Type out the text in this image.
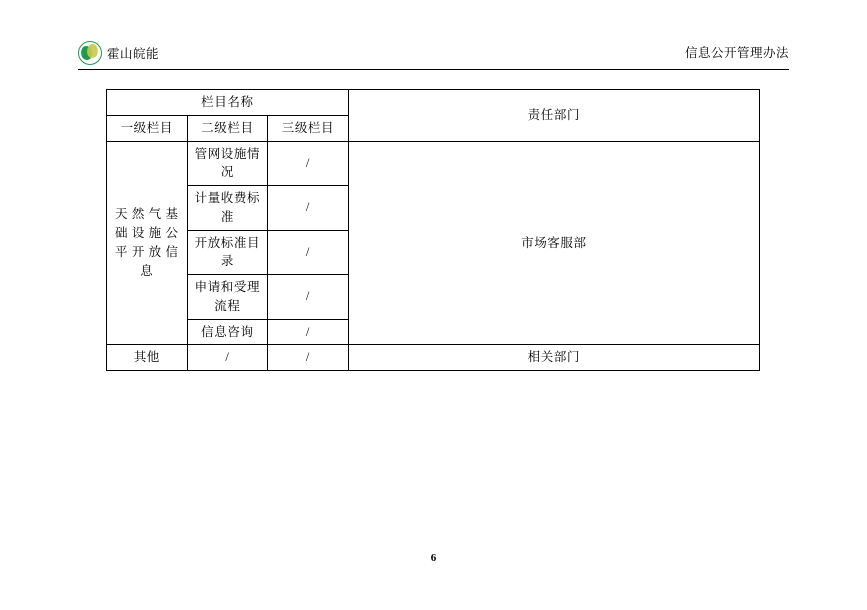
霍山皖能	信息公开管理办法
栏目名称			责任部门
一级栏目	二级栏目	三级栏目	
天 然 气 基 础 设 施 公 平 开 放 信 息	管网设施情况	/	市场客服部
	计量收费标准	/	
	开放标准目录	/	
	申请和受理流程	/	
	信息咨询	/	
其他	/	/	相关部门
6
